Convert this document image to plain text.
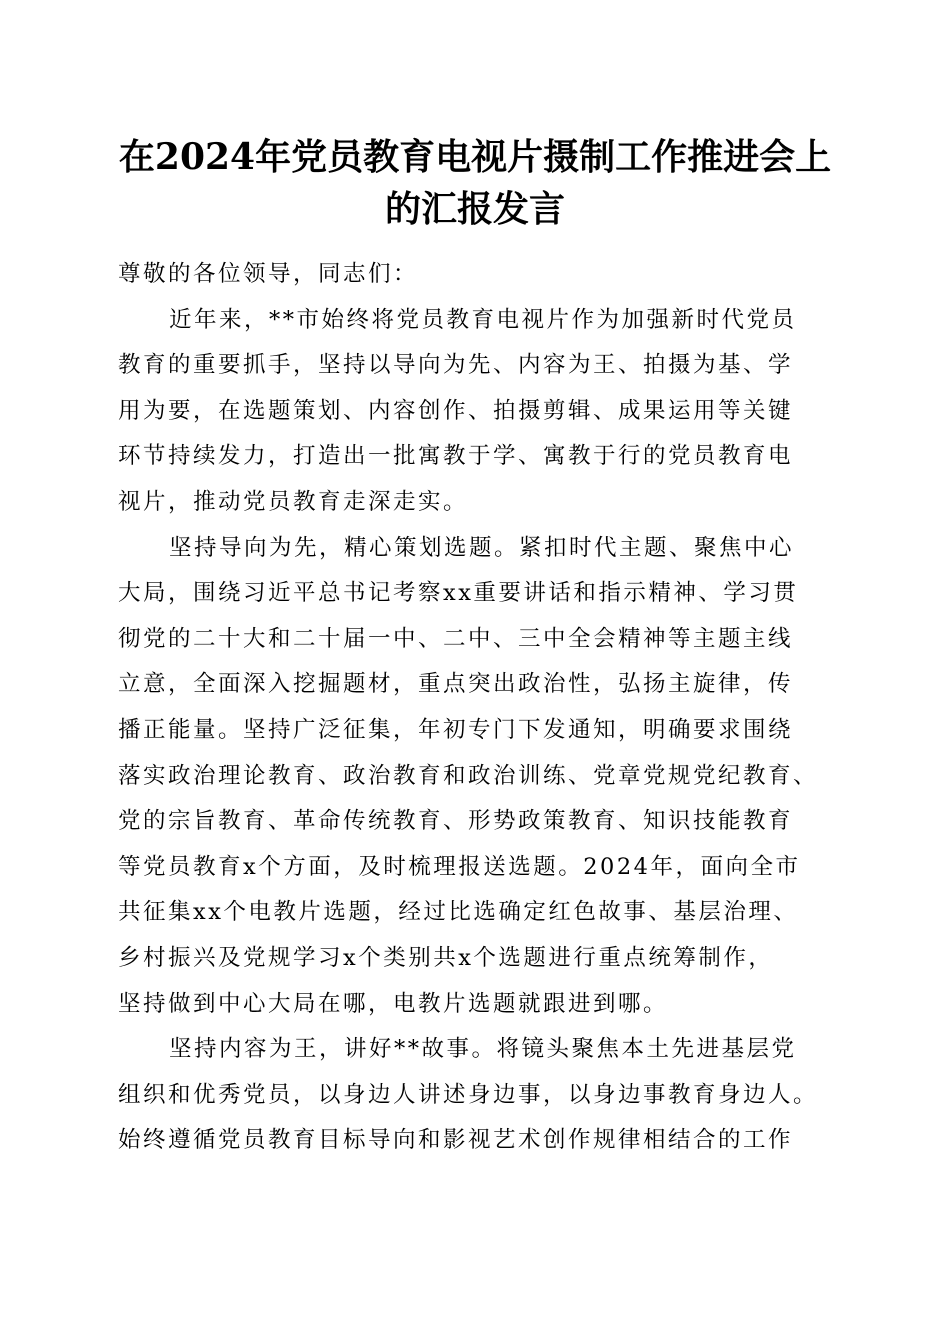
在2024年党员教育电视片摄制工作推进会上
的汇报发言
尊敬的各位领导，同志们：
近年来，**市始终将党员教育电视片作为加强新时代党员
教育的重要抓手，坚持以导向为先、内容为王、拍摄为基、学
用为要，在选题策划、内容创作、拍摄剪辑、成果运用等关键
环节持续发力，打造出一批寓教于学、寓教于行的党员教育电
视片，推动党员教育走深走实。
坚持导向为先，精心策划选题。紧扣时代主题、聚焦中心
大局，围绕习近平总书记考察xx重要讲话和指示精神、学习贯
彻党的二十大和二十届一中、二中、三中全会精神等主题主线
立意，全面深入挖掘题材，重点突出政治性，弘扬主旋律，传
播正能量。坚持广泛征集，年初专门下发通知，明确要求围绕
落实政治理论教育、政治教育和政治训练、党章党规党纪教育、
党的宗旨教育、革命传统教育、形势政策教育、知识技能教育
等党员教育x个方面，及时梳理报送选题。2024年，面向全市
共征集xx个电教片选题，经过比选确定红色故事、基层治理、
乡村振兴及党规学习x个类别共x个选题进行重点统筹制作，
坚持做到中心大局在哪，电教片选题就跟进到哪。
坚持内容为王，讲好**故事。将镜头聚焦本土先进基层党
组织和优秀党员，以身边人讲述身边事，以身边事教育身边人。
始终遵循党员教育目标导向和影视艺术创作规律相结合的工作
